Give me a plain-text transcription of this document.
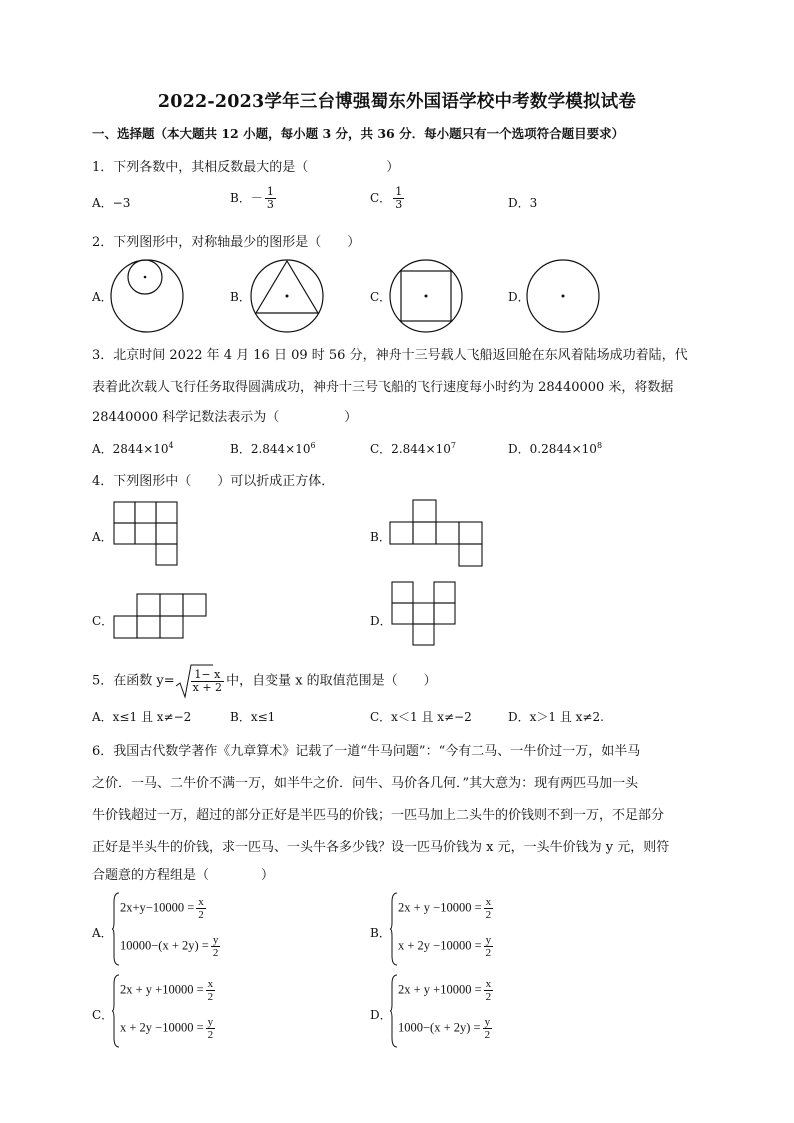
2022-2023学年三台博强蜀东外国语学校中考数学模拟试卷
一、选择题（本大题共 12 小题，每小题 3 分，共 36 分．每小题只有一个选项符合题目要求）
1．下列各数中，其相反数最大的是（　　　　　　）
A．−3	B．－ $\frac{1}{3}$	C． $\frac{1}{3}$	D．3
2．下列图形中，对称轴最少的图形是（　　）
A．	B．	C．	D．
3．北京时间 2022 年 4 月 16 日 09 时 56 分，神舟十三号载人飞船返回舱在东风着陆场成功着陆，代
表着此次载人飞行任务取得圆满成功，神舟十三号飞船的飞行速度每小时约为 28440000 米，将数据
28440000 科学记数法表示为（　　　　　）
A．$2844\times 10^4$	B．$2.844\times 10^6$	C．$2.844\times 10^7$	D．$0.2844\times 10^8$
4．下列图形中（　　）可以折成正方体．
A．	B．
C．	D．
5．在函数 $y= \frac{1- x}{x + 2}$ 中，自变量 x 的取值范围是（　　）
A．x≤1 且 x≠−2	B．x≤1	C．x＜1 且 x≠−2	D．x＞1 且 x≠2.
6．我国古代数学著作《九章算术》记载了一道“牛马问题”：“今有二马、一牛价过一万，如半马
之价．一马、二牛价不满一万，如半牛之价．问牛、马价各几何．”其大意为：现有两匹马加一头
牛价钱超过一万，超过的部分正好是半匹马的价钱；一匹马加上二头牛的价钱则不到一万，不足部分
正好是半头牛的价钱，求一匹马、一头牛各多少钱？设一匹马价钱为 x 元，一头牛价钱为 y 元，则符
合题意的方程组是（　　　　）
A．
$2x+y-10000 = \frac{x}{2}$
$10000-(x + 2y) = \frac{y}{2}$
B．
$2x + y -10000 = \frac{x}{2}$
$x + 2y -10000 = \frac{y}{2}$
C．
$2x + y +10000 = \frac{x}{2}$
$x + 2y -10000 = \frac{y}{2}$
D．
$2x + y +10000 = \frac{x}{2}$
$1000-(x + 2y) = \frac{y}{2}$
